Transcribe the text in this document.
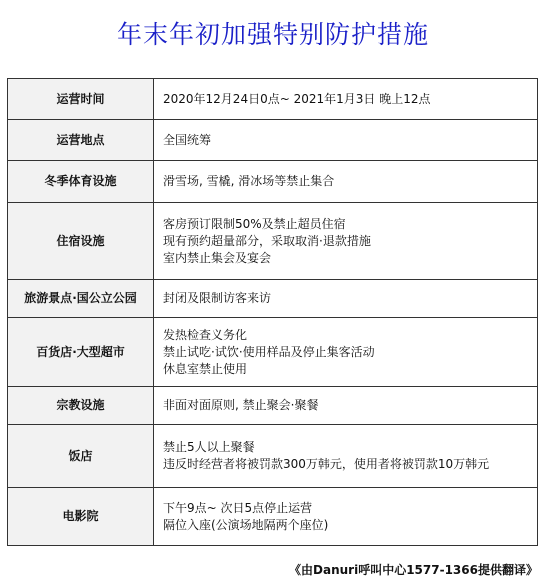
年末年初加强特别防护措施
运营时间	2020年12月24日0点~ 2021年1月3日 晚上12点

运营地点	全国统筹

冬季体育设施	滑雪场, 雪橇, 滑冰场等禁止集合

住宿设施	客房预订限制50%及禁止超员住宿
现有预约超量部分，采取取消·退款措施
室内禁止集会及宴会

旅游景点·国公立公园	封闭及限制访客来访

百货店·大型超市	发热检查义务化
禁止试吃·试饮·使用样品及停止集客活动
休息室禁止使用

宗教设施	非面对面原则, 禁止聚会·聚餐

饭店	禁止5人以上聚餐
违反时经营者将被罚款300万韩元，使用者将被罚款10万韩元

电影院	下午9点~ 次日5点停止运营
隔位入座(公演场地隔两个座位)
《由Danuri呼叫中心1577-1366提供翻译》
